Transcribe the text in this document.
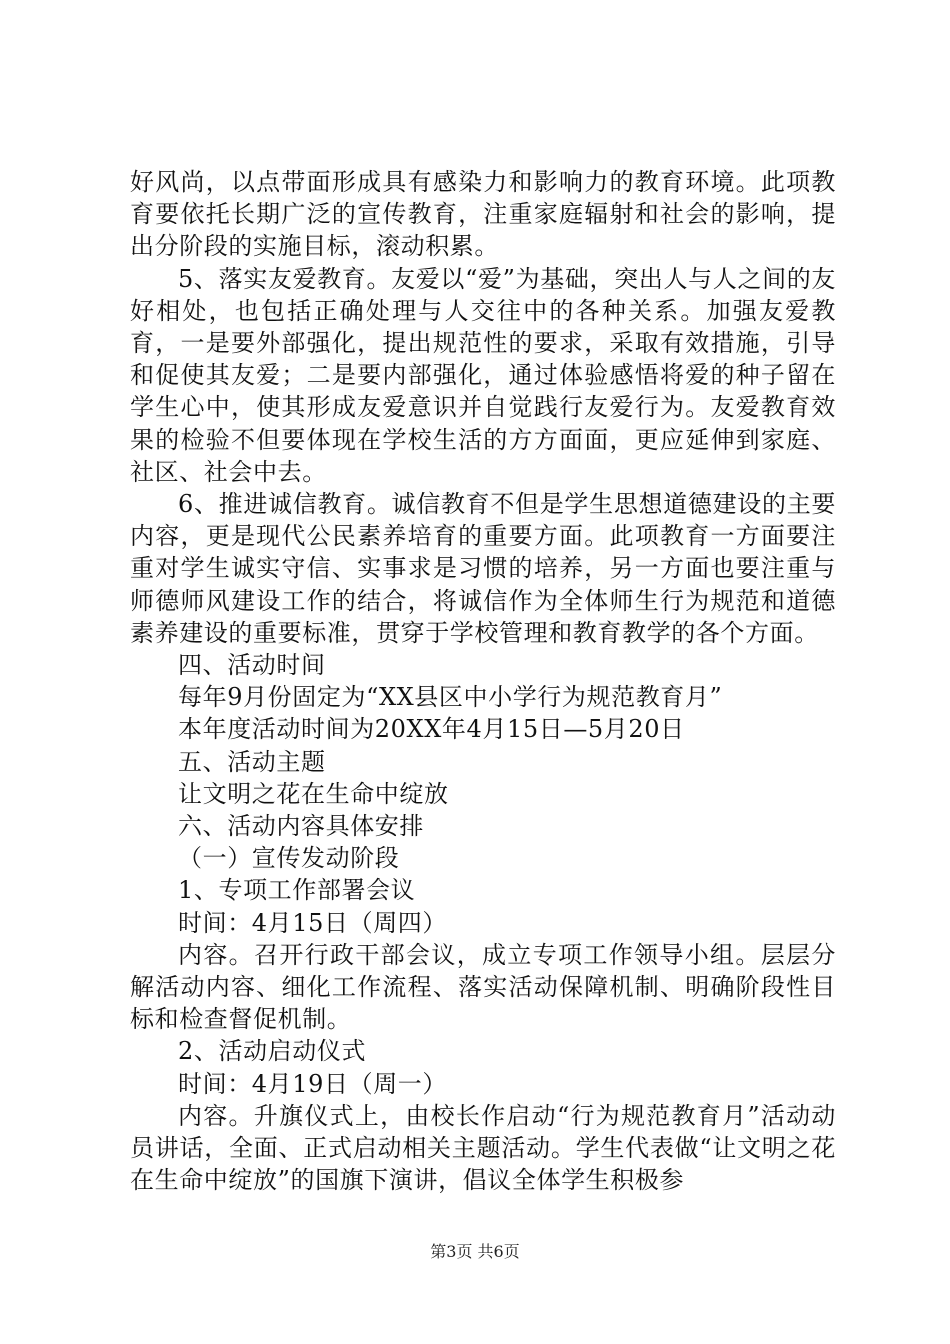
好风尚，以点带面形成具有感染力和影响力的教育环境。此项教育要依托长期广泛的宣传教育，注重家庭辐射和社会的影响，提出分阶段的实施目标，滚动积累。

5、落实友爱教育。友爱以“爱”为基础，突出人与人之间的友好相处，也包括正确处理与人交往中的各种关系。加强友爱教育，一是要外部强化，提出规范性的要求，采取有效措施，引导和促使其友爱；二是要内部强化，通过体验感悟将爱的种子留在学生心中，使其形成友爱意识并自觉践行友爱行为。友爱教育效果的检验不但要体现在学校生活的方方面面，更应延伸到家庭、社区、社会中去。

6、推进诚信教育。诚信教育不但是学生思想道德建设的主要内容，更是现代公民素养培育的重要方面。此项教育一方面要注重对学生诚实守信、实事求是习惯的培养，另一方面也要注重与师德师风建设工作的结合，将诚信作为全体师生行为规范和道德素养建设的重要标准，贯穿于学校管理和教育教学的各个方面。

四、活动时间

每年9月份固定为“XX县区中小学行为规范教育月”

本年度活动时间为20XX年4月15日—5月20日

五、活动主题

让文明之花在生命中绽放

六、活动内容具体安排

（一）宣传发动阶段

1、专项工作部署会议

时间：4月15日（周四）

内容。召开行政干部会议，成立专项工作领导小组。层层分解活动内容、细化工作流程、落实活动保障机制、明确阶段性目标和检查督促机制。

2、活动启动仪式

时间：4月19日（周一）

内容。升旗仪式上，由校长作启动“行为规范教育月”活动动员讲话，全面、正式启动相关主题活动。学生代表做“让文明之花在生命中绽放”的国旗下演讲，倡议全体学生积极参

第3页 共6页
